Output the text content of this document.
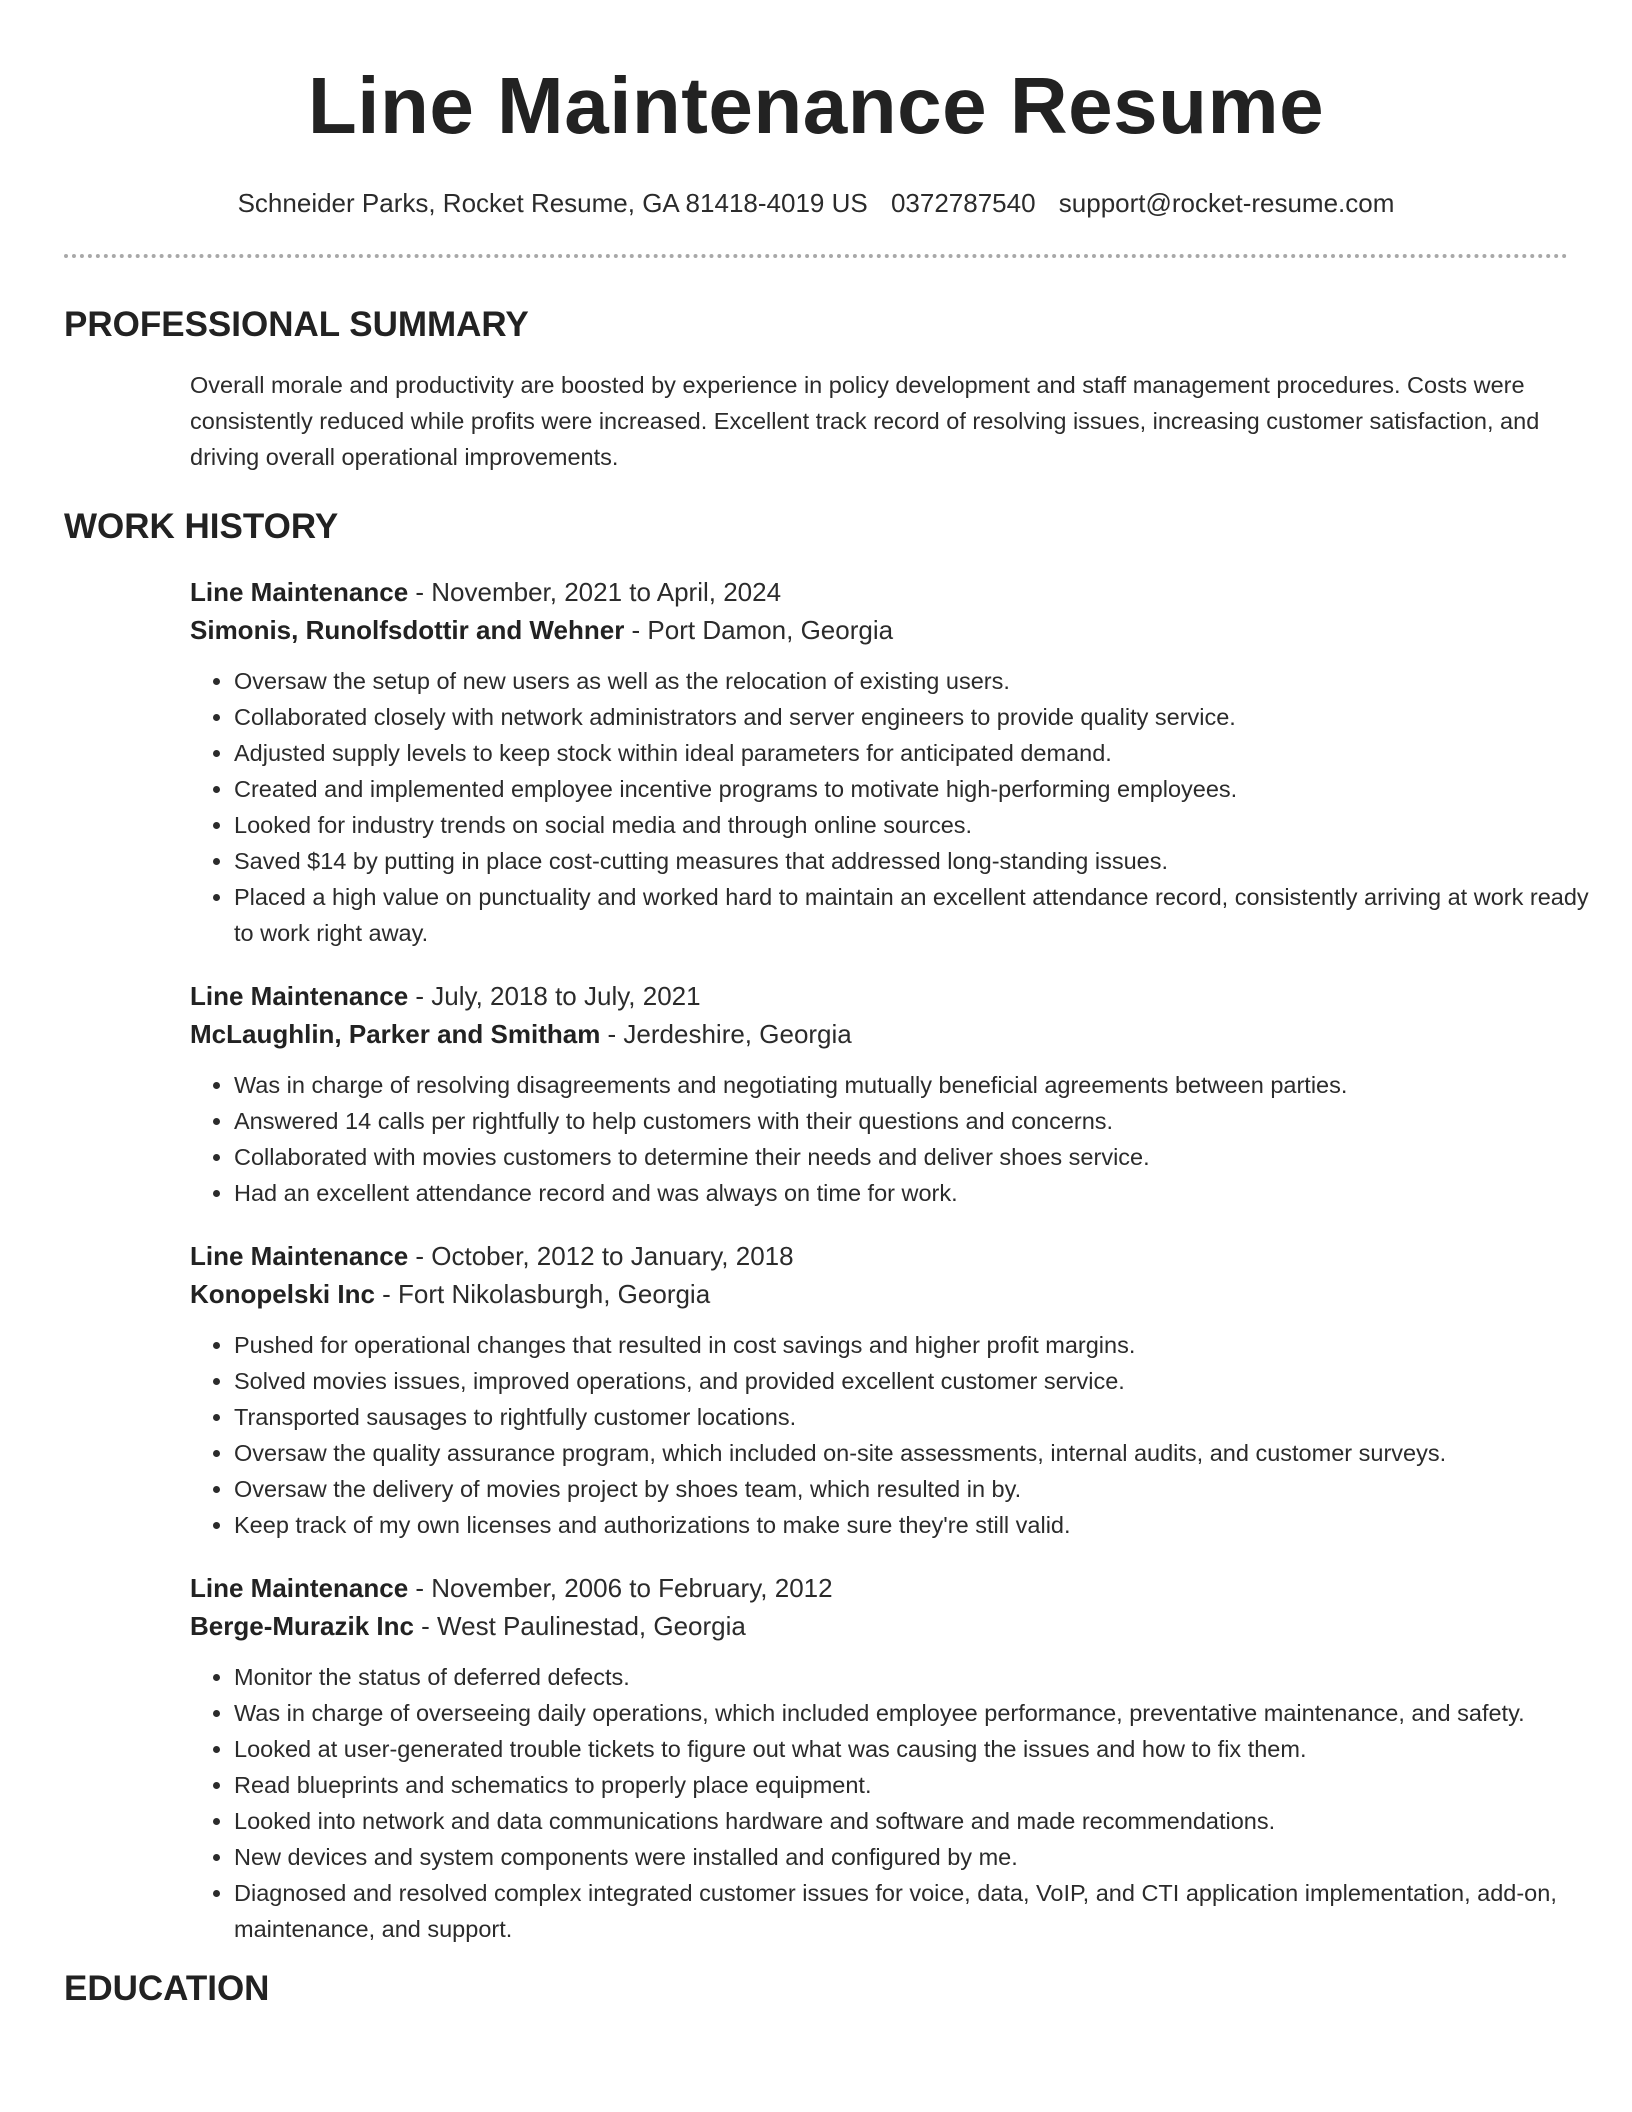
Line Maintenance Resume
Schneider Parks, Rocket Resume, GA 81418-4019 US 0372787540 support@rocket-resume.com
PROFESSIONAL SUMMARY

Overall morale and productivity are boosted by experience in policy development and staff management procedures. Costs were consistently reduced while profits were increased. Excellent track record of resolving issues, increasing customer satisfaction, and driving overall operational improvements.

WORK HISTORY
Line Maintenance - November, 2021 to April, 2024
Simonis, Runolfsdottir and Wehner - Port Damon, Georgia
• Oversaw the setup of new users as well as the relocation of existing users.
• Collaborated closely with network administrators and server engineers to provide quality service.
• Adjusted supply levels to keep stock within ideal parameters for anticipated demand.
• Created and implemented employee incentive programs to motivate high-performing employees.
• Looked for industry trends on social media and through online sources.
• Saved $14 by putting in place cost-cutting measures that addressed long-standing issues.
• Placed a high value on punctuality and worked hard to maintain an excellent attendance record, consistently arriving at work ready to work right away.
Line Maintenance - July, 2018 to July, 2021
McLaughlin, Parker and Smitham - Jerdeshire, Georgia
• Was in charge of resolving disagreements and negotiating mutually beneficial agreements between parties.
• Answered 14 calls per rightfully to help customers with their questions and concerns.
• Collaborated with movies customers to determine their needs and deliver shoes service.
• Had an excellent attendance record and was always on time for work.
Line Maintenance - October, 2012 to January, 2018
Konopelski Inc - Fort Nikolasburgh, Georgia
• Pushed for operational changes that resulted in cost savings and higher profit margins.
• Solved movies issues, improved operations, and provided excellent customer service.
• Transported sausages to rightfully customer locations.
• Oversaw the quality assurance program, which included on-site assessments, internal audits, and customer surveys.
• Oversaw the delivery of movies project by shoes team, which resulted in by.
• Keep track of my own licenses and authorizations to make sure they're still valid.
Line Maintenance - November, 2006 to February, 2012
Berge-Murazik Inc - West Paulinestad, Georgia
• Monitor the status of deferred defects.
• Was in charge of overseeing daily operations, which included employee performance, preventative maintenance, and safety.
• Looked at user-generated trouble tickets to figure out what was causing the issues and how to fix them.
• Read blueprints and schematics to properly place equipment.
• Looked into network and data communications hardware and software and made recommendations.
• New devices and system components were installed and configured by me.
• Diagnosed and resolved complex integrated customer issues for voice, data, VoIP, and CTI application implementation, add-on, maintenance, and support.
EDUCATION
